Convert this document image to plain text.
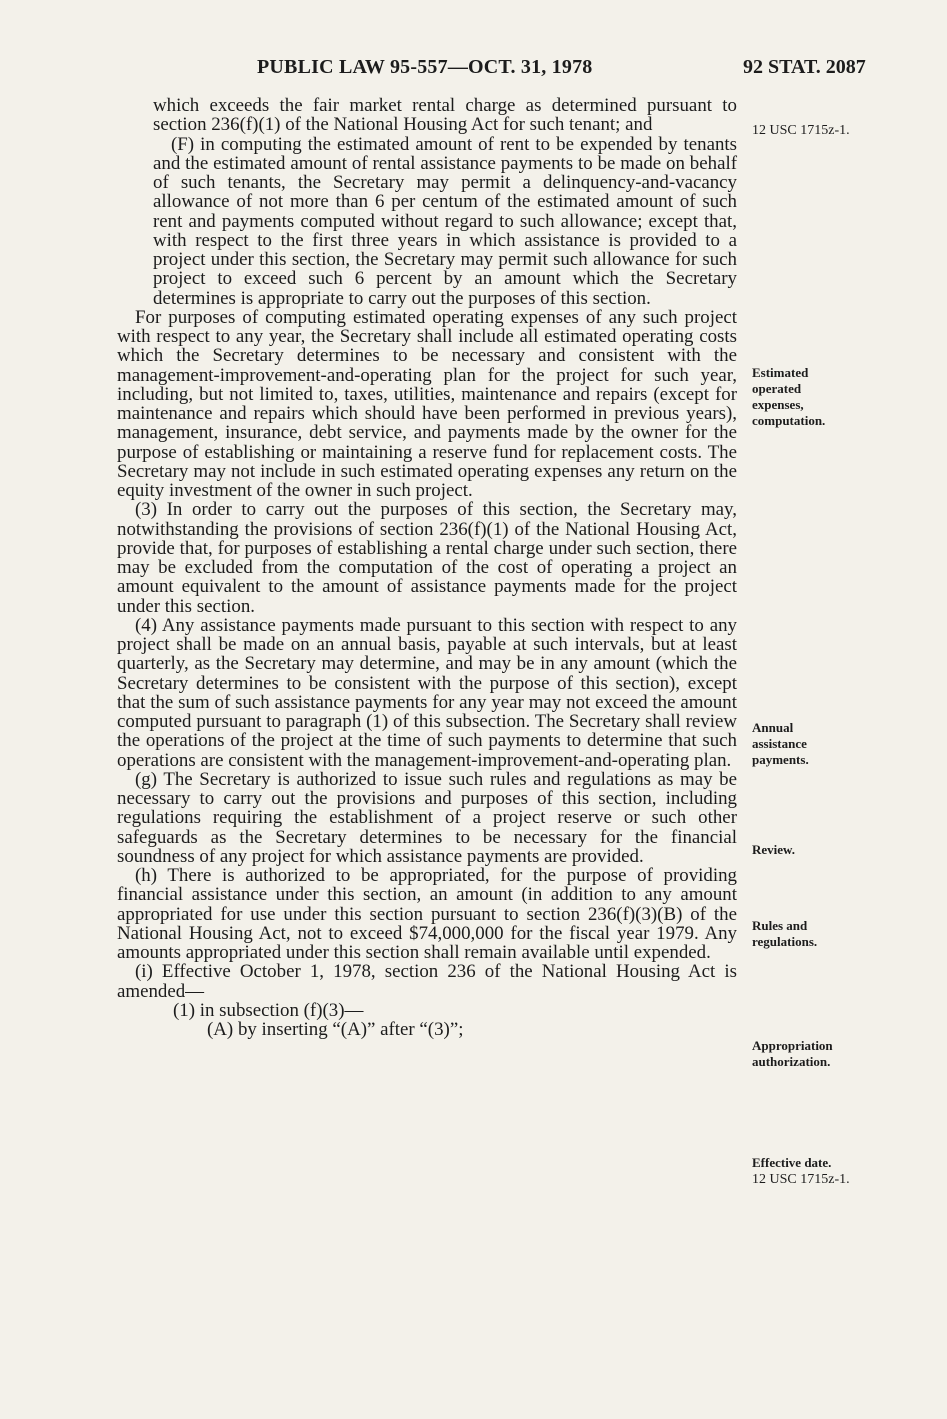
PUBLIC LAW 95-557—OCT. 31, 1978	92 STAT. 2087

which exceeds the fair market rental charge as determined pursuant to section 236(f)(1) of the National Housing Act for such tenant; and

(F) in computing the estimated amount of rent to be expended by tenants and the estimated amount of rental assistance payments to be made on behalf of such tenants, the Secretary may permit a delinquency-and-vacancy allowance of not more than 6 per centum of the estimated amount of such rent and payments computed without regard to such allowance; except that, with respect to the first three years in which assistance is provided to a project under this section, the Secretary may permit such allowance for such project to exceed such 6 percent by an amount which the Secretary determines is appropriate to carry out the purposes of this section.

For purposes of computing estimated operating expenses of any such project with respect to any year, the Secretary shall include all estimated operating costs which the Secretary determines to be necessary and consistent with the management-improvement-and-operating plan for the project for such year, including, but not limited to, taxes, utilities, maintenance and repairs (except for maintenance and repairs which should have been performed in previous years), management, insurance, debt service, and payments made by the owner for the purpose of establishing or maintaining a reserve fund for replacement costs. The Secretary may not include in such estimated operating expenses any return on the equity investment of the owner in such project.

(3) In order to carry out the purposes of this section, the Secretary may, notwithstanding the provisions of section 236(f)(1) of the National Housing Act, provide that, for purposes of establishing a rental charge under such section, there may be excluded from the computation of the cost of operating a project an amount equivalent to the amount of assistance payments made for the project under this section.

(4) Any assistance payments made pursuant to this section with respect to any project shall be made on an annual basis, payable at such intervals, but at least quarterly, as the Secretary may determine, and may be in any amount (which the Secretary determines to be consistent with the purpose of this section), except that the sum of such assistance payments for any year may not exceed the amount computed pursuant to paragraph (1) of this subsection. The Secretary shall review the operations of the project at the time of such payments to determine that such operations are consistent with the management-improvement-and-operating plan.

(g) The Secretary is authorized to issue such rules and regulations as may be necessary to carry out the provisions and purposes of this section, including regulations requiring the establishment of a project reserve or such other safeguards as the Secretary determines to be necessary for the financial soundness of any project for which assistance payments are provided.

(h) There is authorized to be appropriated, for the purpose of providing financial assistance under this section, an amount (in addition to any amount appropriated for use under this section pursuant to section 236(f)(3)(B) of the National Housing Act, not to exceed $74,000,000 for the fiscal year 1979. Any amounts appropriated under this section shall remain available until expended.

(i) Effective October 1, 1978, section 236 of the National Housing Act is amended—

(1) in subsection (f)(3)—

(A) by inserting “(A)” after “(3)”;

12 USC 1715z-1.
Estimated operated expenses, computation.
Annual assistance payments.
Review.
Rules and regulations.
Appropriation authorization.
Effective date.
12 USC 1715z-1.
